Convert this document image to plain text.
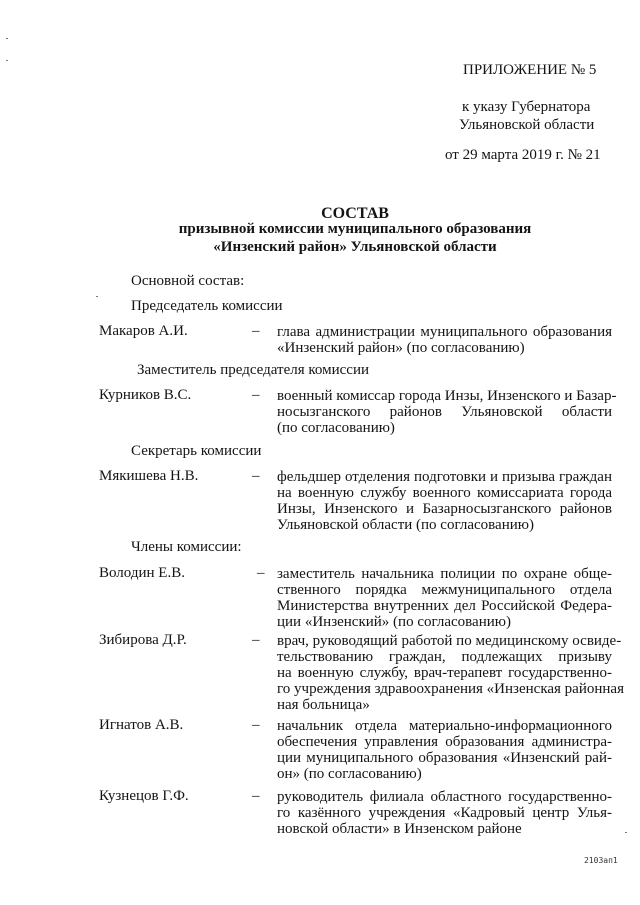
ПРИЛОЖЕНИЕ № 5
к указу Губернатора
Ульяновской области
от 29 марта 2019 г. № 21
СОСТАВ
призывной комиссии муниципального образования
«Инзенский район» Ульяновской области
Основной состав:
Председатель комиссии
Макаров А.И.	– глава администрации муниципального образования
«Инзенский район» (по согласованию)
Заместитель председателя комиссии
Курников В.С.	– военный комиссар города Инзы, Инзенского и Базар-
носызганского районов Ульяновской области
(по согласованию)
Секретарь комиссии
Мякишева Н.В.	– фельдшер отделения подготовки и призыва граждан
на военную службу военного комиссариата города
Инзы, Инзенского и Базарносызганского районов
Ульяновской области (по согласованию)
Члены комиссии:
Володин Е.В.	– заместитель начальника полиции по охране обще-
ственного порядка межмуниципального отдела
Министерства внутренних дел Российской Федера-
ции «Инзенский» (по согласованию)
Зибирова Д.Р.	– врач, руководящий работой по медицинскому освиде-
тельствованию граждан, подлежащих призыву
на военную службу, врач-терапевт государственно-
го учреждения здравоохранения «Инзенская районная
ная больница»
Игнатов А.В.	– начальник отдела материально-информационного
обеспечения управления образования администра-
ции муниципального образования «Инзенский рай-
он» (по согласованию)
Кузнецов Г.Ф.	– руководитель филиала областного государственно-
го казённого учреждения «Кадровый центр Улья-
новской области» в Инзенском районе
2103ап1
